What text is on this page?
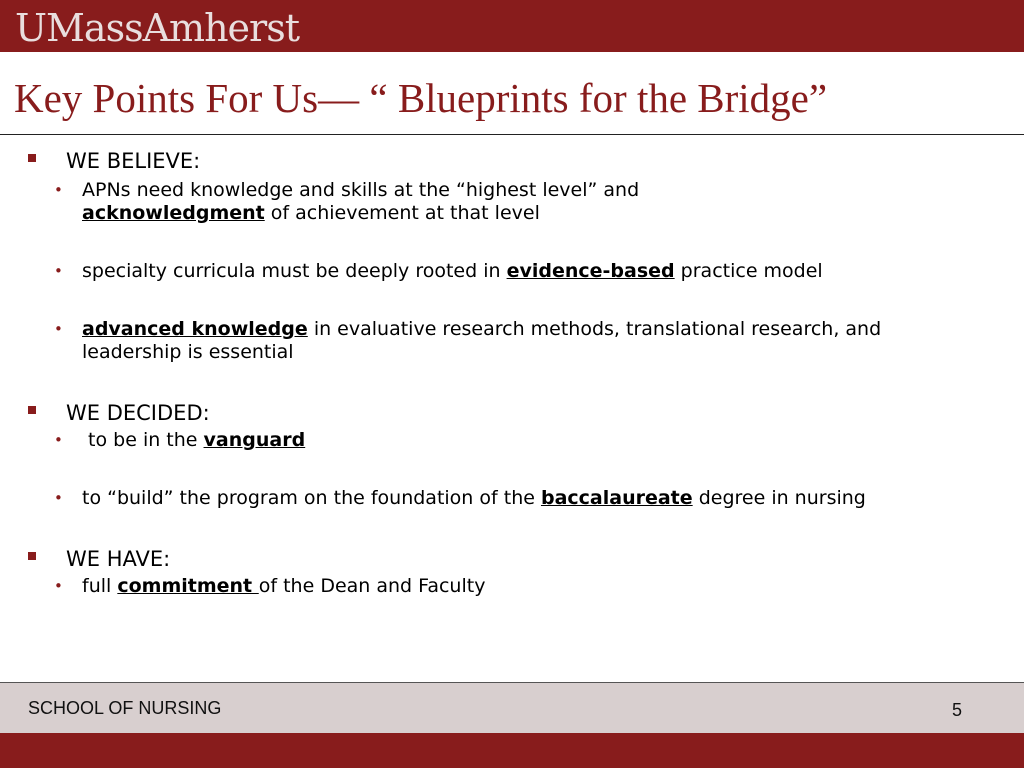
UMassAmherst
Key Points For Us— “ Blueprints for the Bridge”
WE BELIEVE:
• APNs need knowledge and skills at the “highest level” and
acknowledgment of achievement at that level
• specialty curricula must be deeply rooted in evidence-based practice model
• advanced knowledge in evaluative research methods, translational research, and leadership is essential
WE DECIDED:
• to be in the vanguard
• to “build” the program on the foundation of the baccalaureate degree in nursing
WE HAVE:
• full commitment of the Dean and Faculty
SCHOOL OF NURSING	5
